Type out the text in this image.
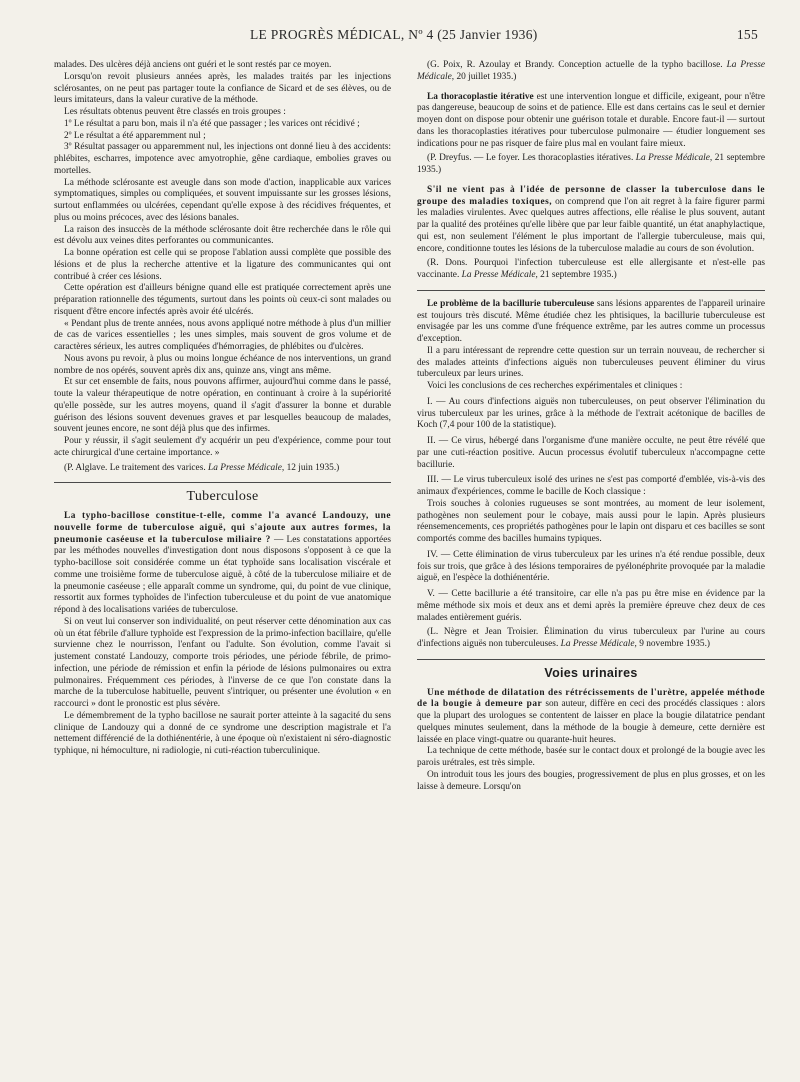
LE PROGRÈS MÉDICAL, Nº 4 (25 Janvier 1936)	155

malades. Des ulcères déjà anciens ont guéri et le sont restés par ce moyen.

Lorsqu'on revoit plusieurs années après, les malades traités par les injections sclérosantes, on ne peut pas partager toute la confiance de Sicard et de ses élèves, ou de leurs imitateurs, dans la valeur curative de la méthode.

Les résultats obtenus peuvent être classés en trois groupes :

1º Le résultat a paru bon, mais il n'a été que passager ; les varices ont récidivé ;

2º Le résultat a été apparemment nul ;

3º Résultat passager ou apparemment nul, les injections ont donné lieu à des accidents: phlébites, escharres, impotence avec amyotrophie, gêne cardiaque, embolies graves ou mortelles.

La méthode sclérosante est aveugle dans son mode d'action, inapplicable aux varices symptomatiques, simples ou compliquées, et souvent impuissante sur les grosses lésions, surtout enflammées ou ulcérées, cependant qu'elle expose à des récidives fréquentes, et plus ou moins précoces, avec des lésions banales.

La raison des insuccès de la méthode sclérosante doit être recherchée dans le rôle qui est dévolu aux veines dites perforantes ou communicantes.

La bonne opération est celle qui se propose l'ablation aussi complète que possible des lésions et de plus la recherche attentive et la ligature des communicantes qui ont contribué à créer ces lésions.

Cette opération est d'ailleurs bénigne quand elle est pratiquée correctement après une préparation rationnelle des téguments, surtout dans les points où ceux-ci sont malades ou risquent d'être encore infectés après avoir été ulcérés.

« Pendant plus de trente années, nous avons appliqué notre méthode à plus d'un millier de cas de varices essentielles ; les unes simples, mais souvent de gros volume et de caractères sérieux, les autres compliquées d'hémorragies, de phlébites ou d'ulcères.

Nous avons pu revoir, à plus ou moins longue échéance de nos interventions, un grand nombre de nos opérés, souvent après dix ans, quinze ans, vingt ans même.

Et sur cet ensemble de faits, nous pouvons affirmer, aujourd'hui comme dans le passé, toute la valeur thérapeutique de notre opération, en continuant à croire à la supériorité qu'elle possède, sur les autres moyens, quand il s'agit d'assurer la bonne et durable guérison des lésions souvent devenues graves et par lesquelles beaucoup de malades, souvent jeunes encore, ne sont déjà plus que des infirmes.

Pour y réussir, il s'agit seulement d'y acquérir un peu d'expérience, comme pour tout acte chirurgical d'une certaine importance. »

(P. Alglave. Le traitement des varices. La Presse Médicale, 12 juin 1935.)

Tuberculose

La typho-bacillose constitue-t-elle, comme l'a avancé Landouzy, une nouvelle forme de tuberculose aiguë, qui s'ajoute aux autres formes, la pneumonie caséeuse et la tuberculose miliaire ? — Les constatations apportées par les méthodes nouvelles d'investigation dont nous disposons s'opposent à ce que la typho-bacillose soit considérée comme un état typhoïde sans localisation viscérale et comme une troisième forme de tuberculose aiguë, à côté de la tuberculose miliaire et de la pneumonie caséeuse ; elle apparaît comme un syndrome, qui, du point de vue clinique, ressortit aux formes typhoïdes de l'infection tuberculeuse et du point de vue anatomique répond à des localisations variées de tuberculose.

Si on veut lui conserver son individualité, on peut réserver cette dénomination aux cas où un état fébrile d'allure typhoïde est l'expression de la primo-infection bacillaire, qu'elle survienne chez le nourrisson, l'enfant ou l'adulte. Son évolution, comme l'avait si justement constaté Landouzy, comporte trois périodes, une période fébrile, de primo-infection, une période de rémission et enfin la période de lésions pulmonaires ou extra pulmonaires. Fréquemment ces périodes, à l'inverse de ce que l'on constate dans la marche de la tuberculose habituelle, peuvent s'intriquer, ou présenter une évolution « en raccourci » dont le pronostic est plus sévère.

Le démembrement de la typho bacillose ne saurait porter atteinte à la sagacité du sens clinique de Landouzy qui a donné de ce syndrome une description magistrale et l'a nettement différencié de la dothiénentérie, à une époque où n'existaient ni séro-diagnostic typhique, ni hémoculture, ni radiologie, ni cuti-réaction tuberculinique.

(G. Poix, R. Azoulay et Brandy. Conception actuelle de la typho bacillose. La Presse Médicale, 20 juillet 1935.)

La thoracoplastie itérative est une intervention longue et difficile, exigeant, pour n'être pas dangereuse, beaucoup de soins et de patience. Elle est dans certains cas le seul et dernier moyen dont on dispose pour obtenir une guérison totale et durable. Encore faut-il — surtout dans les thoracoplasties itératives pour tuberculose pulmonaire — étudier longuement ses indications pour ne pas risquer de faire plus mal en voulant faire mieux.

(P. Dreyfus. — Le foyer. Les thoracoplasties itératives. La Presse Médicale, 21 septembre 1935.)

S'il ne vient pas à l'idée de personne de classer la tuberculose dans le groupe des maladies toxiques, on comprend que l'on ait regret à la faire figurer parmi les maladies virulentes. Avec quelques autres affections, elle réalise le plus souvent, autant par la qualité des protéines qu'elle libère que par leur faible quantité, un état anaphylactique, qui est, non seulement l'élément le plus important de l'allergie tuberculeuse, mais qui, encore, conditionne toutes les lésions de la tuberculose maladie au cours de son évolution.

(R. Dons. Pourquoi l'infection tuberculeuse est elle allergisante et n'est-elle pas vaccinante. La Presse Médicale, 21 septembre 1935.)

Le problème de la bacillurie tuberculeuse sans lésions apparentes de l'appareil urinaire est toujours très discuté. Même étudiée chez les phtisiques, la bacillurie tuberculeuse est envisagée par les uns comme d'une fréquence extrême, par les autres comme un processus d'exception.

Il a paru intéressant de reprendre cette question sur un terrain nouveau, de rechercher si des malades atteints d'infections aiguës non tuberculeuses peuvent éliminer du virus tuberculeux par leurs urines.

Voici les conclusions de ces recherches expérimentales et cliniques :

I. — Au cours d'infections aiguës non tuberculeuses, on peut observer l'élimination du virus tuberculeux par les urines, grâce à la méthode de l'extrait acétonique de bacilles de Koch (7,4 pour 100 de la statistique).

II. — Ce virus, hébergé dans l'organisme d'une manière occulte, ne peut être révélé que par une cuti-réaction positive. Aucun processus évolutif tuberculeux n'accompagne cette bacillurie.

III. — Le virus tuberculeux isolé des urines ne s'est pas comporté d'emblée, vis-à-vis des animaux d'expériences, comme le bacille de Koch classique :

Trois souches à colonies rugueuses se sont montrées, au moment de leur isolement, pathogènes non seulement pour le cobaye, mais aussi pour le lapin. Après plusieurs réensemencements, ces propriétés pathogènes pour le lapin ont disparu et ces bacilles se sont comportés comme des bacilles humains typiques.

IV. — Cette élimination de virus tuberculeux par les urines n'a été rendue possible, deux fois sur trois, que grâce à des lésions temporaires de pyélonéphrite provoquée par la maladie aiguë, en l'espèce la dothiénentérie.

V. — Cette bacillurie a été transitoire, car elle n'a pas pu être mise en évidence par la même méthode six mois et deux ans et demi après la première épreuve chez deux de ces malades entièrement guéris.

(L. Nègre et Jean Troisier. Élimination du virus tuberculeux par l'urine au cours d'infections aiguës non tuberculeuses. La Presse Médicale, 9 novembre 1935.)

Voies urinaires

Une méthode de dilatation des rétrécissements de l'urètre, appelée méthode de la bougie à demeure par son auteur, diffère en ceci des procédés classiques : alors que la plupart des urologues se contentent de laisser en place la bougie dilatatrice pendant quelques minutes seulement, dans la méthode de la bougie à demeure, cette dernière est laissée en place vingt-quatre ou quarante-huit heures.

La technique de cette méthode, basée sur le contact doux et prolongé de la bougie avec les parois urétrales, est très simple.

On introduit tous les jours des bougies, progressivement de plus en plus grosses, et on les laisse à demeure. Lorsqu'on
